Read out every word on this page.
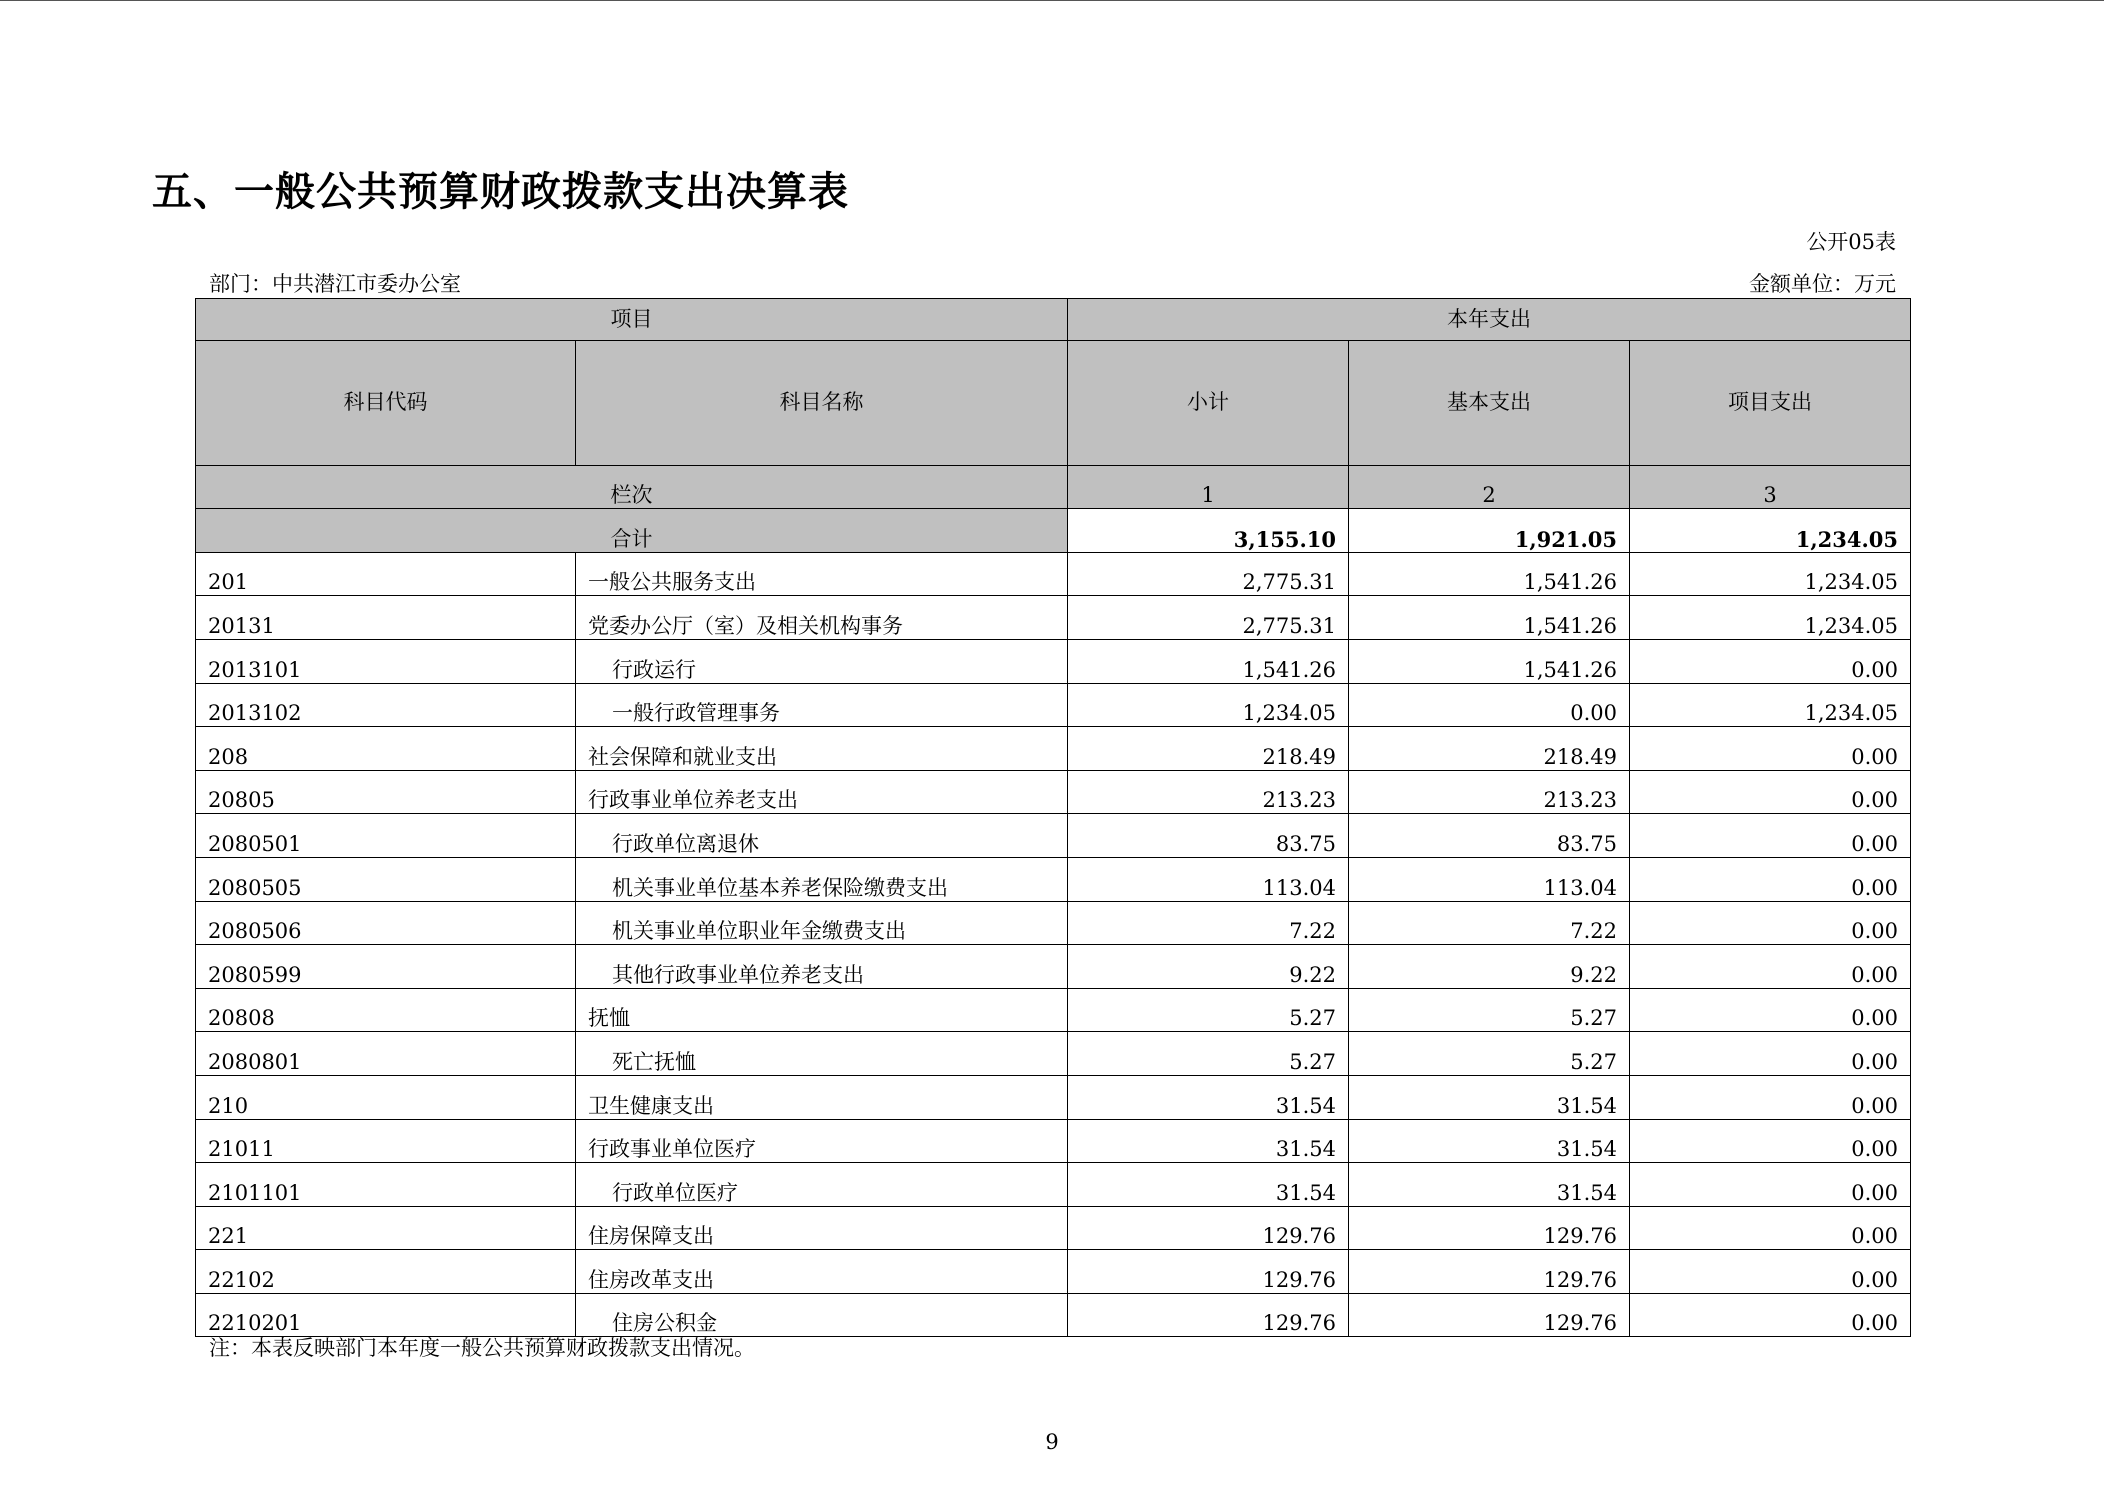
五、一般公共预算财政拨款支出决算表
公开05表
部门：中共潜江市委办公室	金额单位：万元
项目		本年支出		
科目代码	科目名称	小计	基本支出	项目支出
栏次		1	2	3
合计		3,155.10	1,921.05	1,234.05
201	一般公共服务支出	2,775.31	1,541.26	1,234.05
20131	党委办公厅（室）及相关机构事务	2,775.31	1,541.26	1,234.05
2013101	行政运行	1,541.26	1,541.26	0.00
2013102	一般行政管理事务	1,234.05	0.00	1,234.05
208	社会保障和就业支出	218.49	218.49	0.00
20805	行政事业单位养老支出	213.23	213.23	0.00
2080501	行政单位离退休	83.75	83.75	0.00
2080505	机关事业单位基本养老保险缴费支出	113.04	113.04	0.00
2080506	机关事业单位职业年金缴费支出	7.22	7.22	0.00
2080599	其他行政事业单位养老支出	9.22	9.22	0.00
20808	抚恤	5.27	5.27	0.00
2080801	死亡抚恤	5.27	5.27	0.00
210	卫生健康支出	31.54	31.54	0.00
21011	行政事业单位医疗	31.54	31.54	0.00
2101101	行政单位医疗	31.54	31.54	0.00
221	住房保障支出	129.76	129.76	0.00
22102	住房改革支出	129.76	129.76	0.00
2210201	住房公积金	129.76	129.76	0.00
注：本表反映部门本年度一般公共预算财政拨款支出情况。
9
